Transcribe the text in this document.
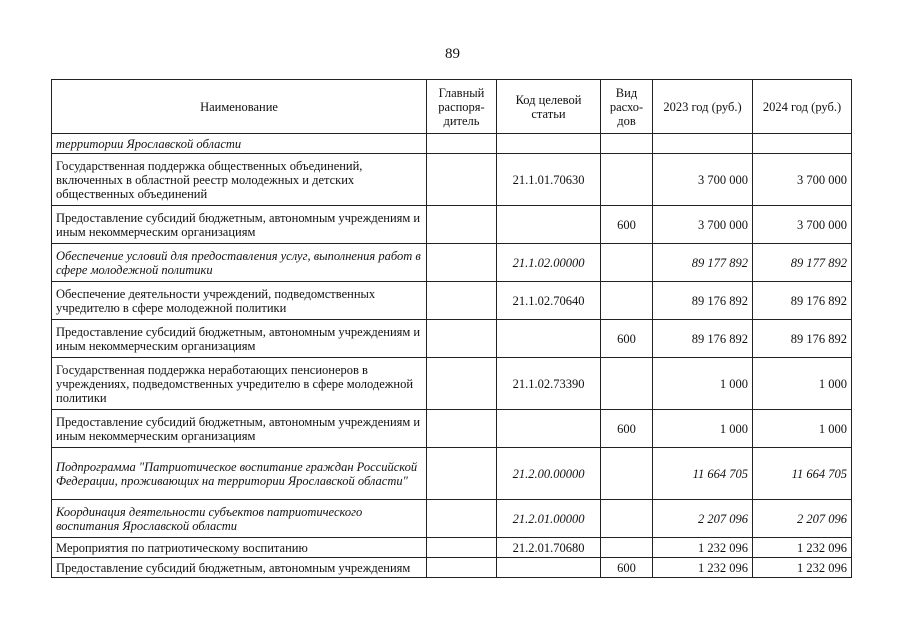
89
Наименование	Главный распоря-дитель	Код целевой статьи	Вид расхо-дов	2023 год (руб.)	2024 год (руб.)
территории Ярославской области					
Государственная поддержка общественных объединений, включенных в областной реестр молодежных и детских общественных объединений		21.1.01.70630		3 700 000	3 700 000
Предоставление субсидий бюджетным, автономным учреждениям и иным некоммерческим организациям			600	3 700 000	3 700 000
Обеспечение условий для предоставления услуг, выполнения работ в сфере молодежной политики		21.1.02.00000		89 177 892	89 177 892
Обеспечение деятельности учреждений, подведомственных учредителю в сфере молодежной политики		21.1.02.70640		89 176 892	89 176 892
Предоставление субсидий бюджетным, автономным учреждениям и иным некоммерческим организациям			600	89 176 892	89 176 892
Государственная поддержка неработающих пенсионеров в учреждениях, подведомственных учредителю в сфере молодежной политики		21.1.02.73390		1 000	1 000
Предоставление субсидий бюджетным, автономным учреждениям и иным некоммерческим организациям			600	1 000	1 000
Подпрограмма "Патриотическое воспитание граждан Российской Федерации, проживающих на территории Ярославской области"		21.2.00.00000		11 664 705	11 664 705
Координация деятельности субъектов патриотического воспитания Ярославской области		21.2.01.00000		2 207 096	2 207 096
Мероприятия по патриотическому воспитанию		21.2.01.70680		1 232 096	1 232 096
Предоставление субсидий бюджетным, автономным учреждениям			600	1 232 096	1 232 096
